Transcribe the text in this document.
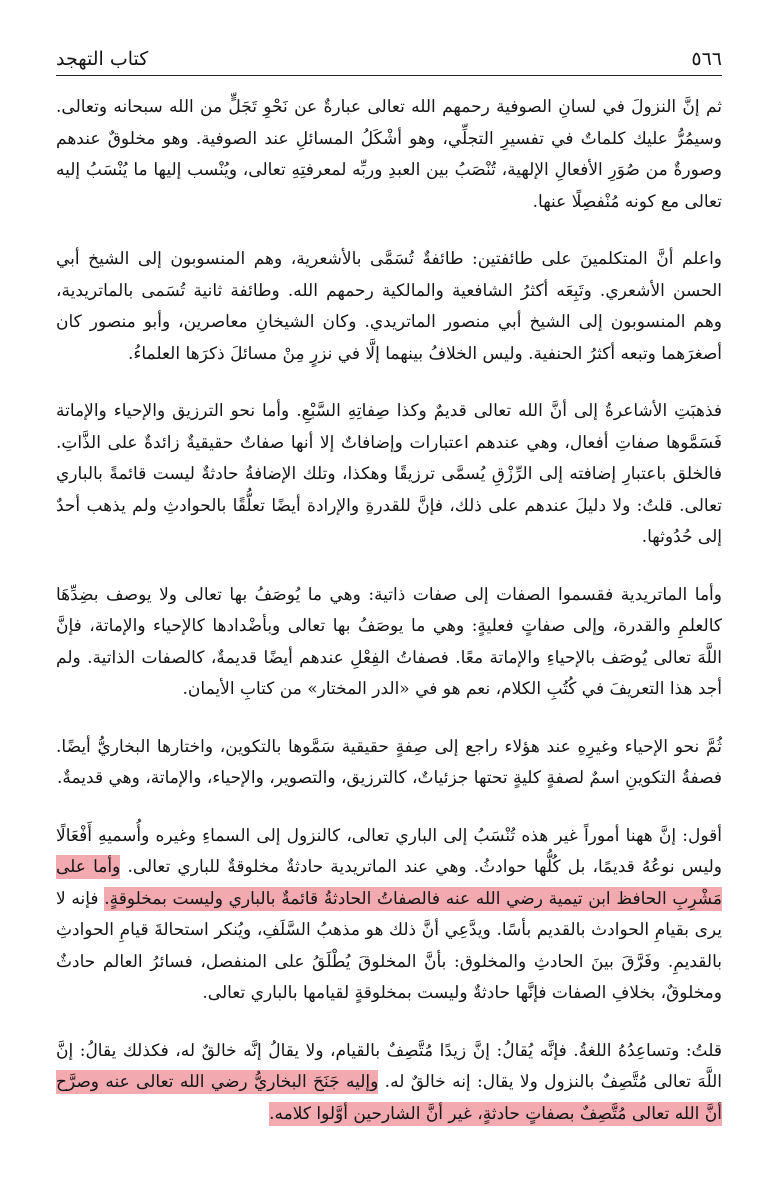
٥٦٦
كتاب التهجد

ثم إنَّ النزولَ في لسانِ الصوفية رحمهم الله تعالى عبارةٌ عن نَحْوِ تَجَلٍّ من الله سبحانه وتعالى. وسيمُرُّ عليك كلماتٌ في تفسيرِ التجلِّي، وهو أشْكَلُ المسائلِ عند الصوفية. وهو مخلوقٌ عندهم وصورةٌ من صُوَرِ الأفعالِ الإلهية، تُنْصَبُ بين العبدِ وربِّه لمعرفتِهِ تعالى، ويُنْسب إليها ما يُنْسَبُ إليه تعالى مع كونه مُنْفصِلًا عنها.

واعلم أنَّ المتكلمينَ على طائفتين: طائفةٌ تُسَمَّى بالأشعرية، وهم المنسوبون إلى الشيخ أبي الحسن الأشعري. وتَبِعَه أكثرُ الشافعية والمالكية رحمهم الله. وطائفة ثانية تُسَمى بالماتريدية، وهم المنسوبون إلى الشيخ أبي منصور الماتريدي. وكان الشيخانِ معاصرين، وأبو منصور كان أصغرَهما وتبعه أكثرُ الحنفية. وليس الخلافُ بينهما إلَّا في نزرٍ مِنْ مسائلَ ذكرَها العلماءُ.

فذهبَتِ الأشاعرةُ إلى أنَّ الله تعالى قديمٌ وكذا صِفاتِهِ السَّبْعِ. وأما نحو الترزيق والإحياء والإماتة فَسَمَّوها صفاتِ أفعال، وهي عندهم اعتبارات وإضافاتٌ إلا أنها صفاتٌ حقيقيةٌ زائدةٌ على الذَّاتِ. فالخلق باعتبارِ إضافته إلى الرِّزْقِ يُسمَّى ترزيقًا وهكذا، وتلك الإضافةُ حادثةٌ ليست قائمةً بالباري تعالى. قلتُ: ولا دليلَ عندهم على ذلك، فإنَّ للقدرةِ والإرادة أيضًا تعلُّقًا بالحوادثِ ولم يذهب أحدٌ إلى حُدُوثها.

وأما الماتريدية فقسموا الصفات إلى صفات ذاتية: وهي ما يُوصَفُ بها تعالى ولا يوصف بضِدِّهَا كالعلمِ والقدرة، وإلى صفاتٍ فعليةٍ: وهي ما يوصَفُ بها تعالى وبأضْدادها كالإحياء والإماتة، فإنَّ اللَّهَ تعالى يُوصَف بالإحياءِ والإماتة معًا. فصفاتُ الفِعْلِ عندهم أيضًا قديمةٌ، كالصفات الذاتية. ولم أجد هذا التعريفَ في كُتُبِ الكلام، نعم هو في «الدر المختار» من كتابِ الأيمان.

ثُمَّ نحو الإحياء وغيرِهِ عند هؤلاء راجع إلى صِفةٍ حقيقية سَمَّوها بالتكوين، واختارها البخاريُّ أيضًا. فصفةُ التكوينِ اسمٌ لصفةٍ كليةٍ تحتها جزئياتٌ، كالترزيق، والتصوير، والإحياء، والإماتة، وهي قديمةٌ.

أقول: إنَّ ههنا أموراً غير هذه تُنْسَبُ إلى الباري تعالى، كالنزول إلى السماءِ وغيره وأُسميهِ أَفْعَالًا وليس نوعُهُ قديمًا، بل كُلُّها حوادثُ. وهي عند الماتريدية حادثةٌ مخلوقةٌ للباري تعالى. وأما على مَشْرِبِ الحافظ ابن تيمية رضي الله عنه فالصفاتُ الحادثةُ قائمةٌ بالباري وليست بمخلوقةٍ. فإنه لا يرى بقيامِ الحوادث بالقديم بأسًا. ويدَّعِي أنَّ ذلك هو مذهبُ السَّلَفِ، ويُنكر استحالةَ قيامِ الحوادثِ بالقديمِ. وفَرَّقَ بينَ الحادثِ والمخلوق: بأنَّ المخلوقَ يُطْلَقُ على المنفصل، فسائرُ العالم حادثٌ ومخلوقٌ، بخلافِ الصفات فإنَّها حادثةٌ وليست بمخلوقةٍ لقيامها بالباري تعالى.

قلتُ: وتساعِدُهُ اللغةُ. فإنَّه يُقالُ: إنَّ زيدًا مُتَّصِفٌ بالقيام، ولا يقالُ إنَّه خالقٌ له، فكذلك يقالُ: إنَّ اللَّهَ تعالى مُتَّصِفٌ بالنزول ولا يقال: إنه خالقٌ له. وإليه جَنَحَ البخاريُّ رضي الله تعالى عنه وصرَّح أنَّ الله تعالى مُتَّصِفٌ بصفاتٍ حادثةٍ، غير أنَّ الشارحين أوَّلوا كلامه.
